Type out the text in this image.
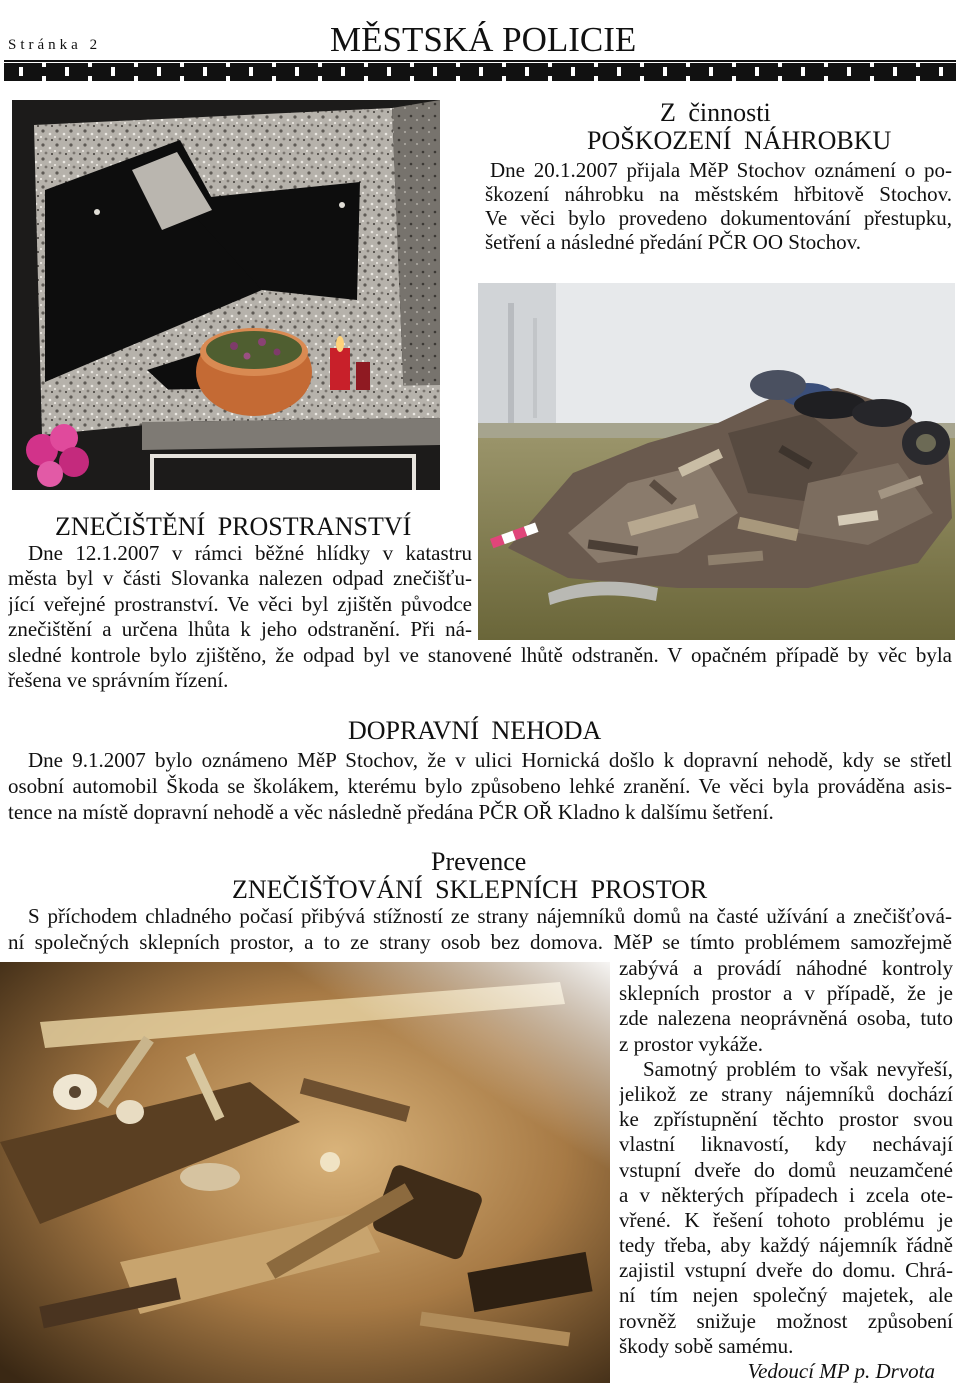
Stránka 2	MĚSTSKÁ POLICIE
Z činnosti
POŠKOZENÍ NÁHROBKU
Dne 20.1.2007 přijala MěP Stochov oznámení o po-
škození náhrobku na městském hřbitově Stochov.
Ve věci bylo provedeno dokumentování přestupku,
šetření a následné předání PČR OO Stochov.
ZNEČIŠTĚNÍ PROSTRANSTVÍ
Dne 12.1.2007 v rámci běžné hlídky v katastru
města byl v části Slovanka nalezen odpad znečišťu-
jící veřejné prostranství. Ve věci byl zjištěn původce
znečištění a určena lhůta k jeho odstranění. Při ná-
sledné kontrole bylo zjištěno, že odpad byl ve stanovené lhůtě odstraněn. V opačném případě by věc byla
řešena ve správním řízení.
DOPRAVNÍ NEHODA
Dne 9.1.2007 bylo oznámeno MěP Stochov, že v ulici Hornická došlo k dopravní nehodě, kdy se střetl
osobní automobil Škoda se školákem, kterému bylo způsobeno lehké zranění. Ve věci byla prováděna asis-
tence na místě dopravní nehodě a věc následně předána PČR OŘ Kladno k dalšímu šetření.
Prevence
ZNEČIŠŤOVÁNÍ SKLEPNÍCH PROSTOR
S příchodem chladného počasí přibývá stížností ze strany nájemníků domů na časté užívání a znečišťová-
ní společných sklepních prostor, a to ze strany osob bez domova. MěP se tímto problémem samozřejmě
zabývá a provádí náhodné kontroly
sklepních prostor a v případě, že je
zde nalezena neoprávněná osoba, tuto
z prostor vykáže.
Samotný problém to však nevyřeší,
jelikož ze strany nájemníků dochází
ke zpřístupnění těchto prostor svou
vlastní liknavostí, kdy nechávají
vstupní dveře do domů neuzamčené
a v některých případech i zcela ote-
vřené. K řešení tohoto problému je
tedy třeba, aby každý nájemník řádně
zajistil vstupní dveře do domu. Chrá-
ní tím nejen společný majetek, ale
rovněž snižuje možnost způsobení
škody sobě samému.
Vedoucí MP p. Drvota
